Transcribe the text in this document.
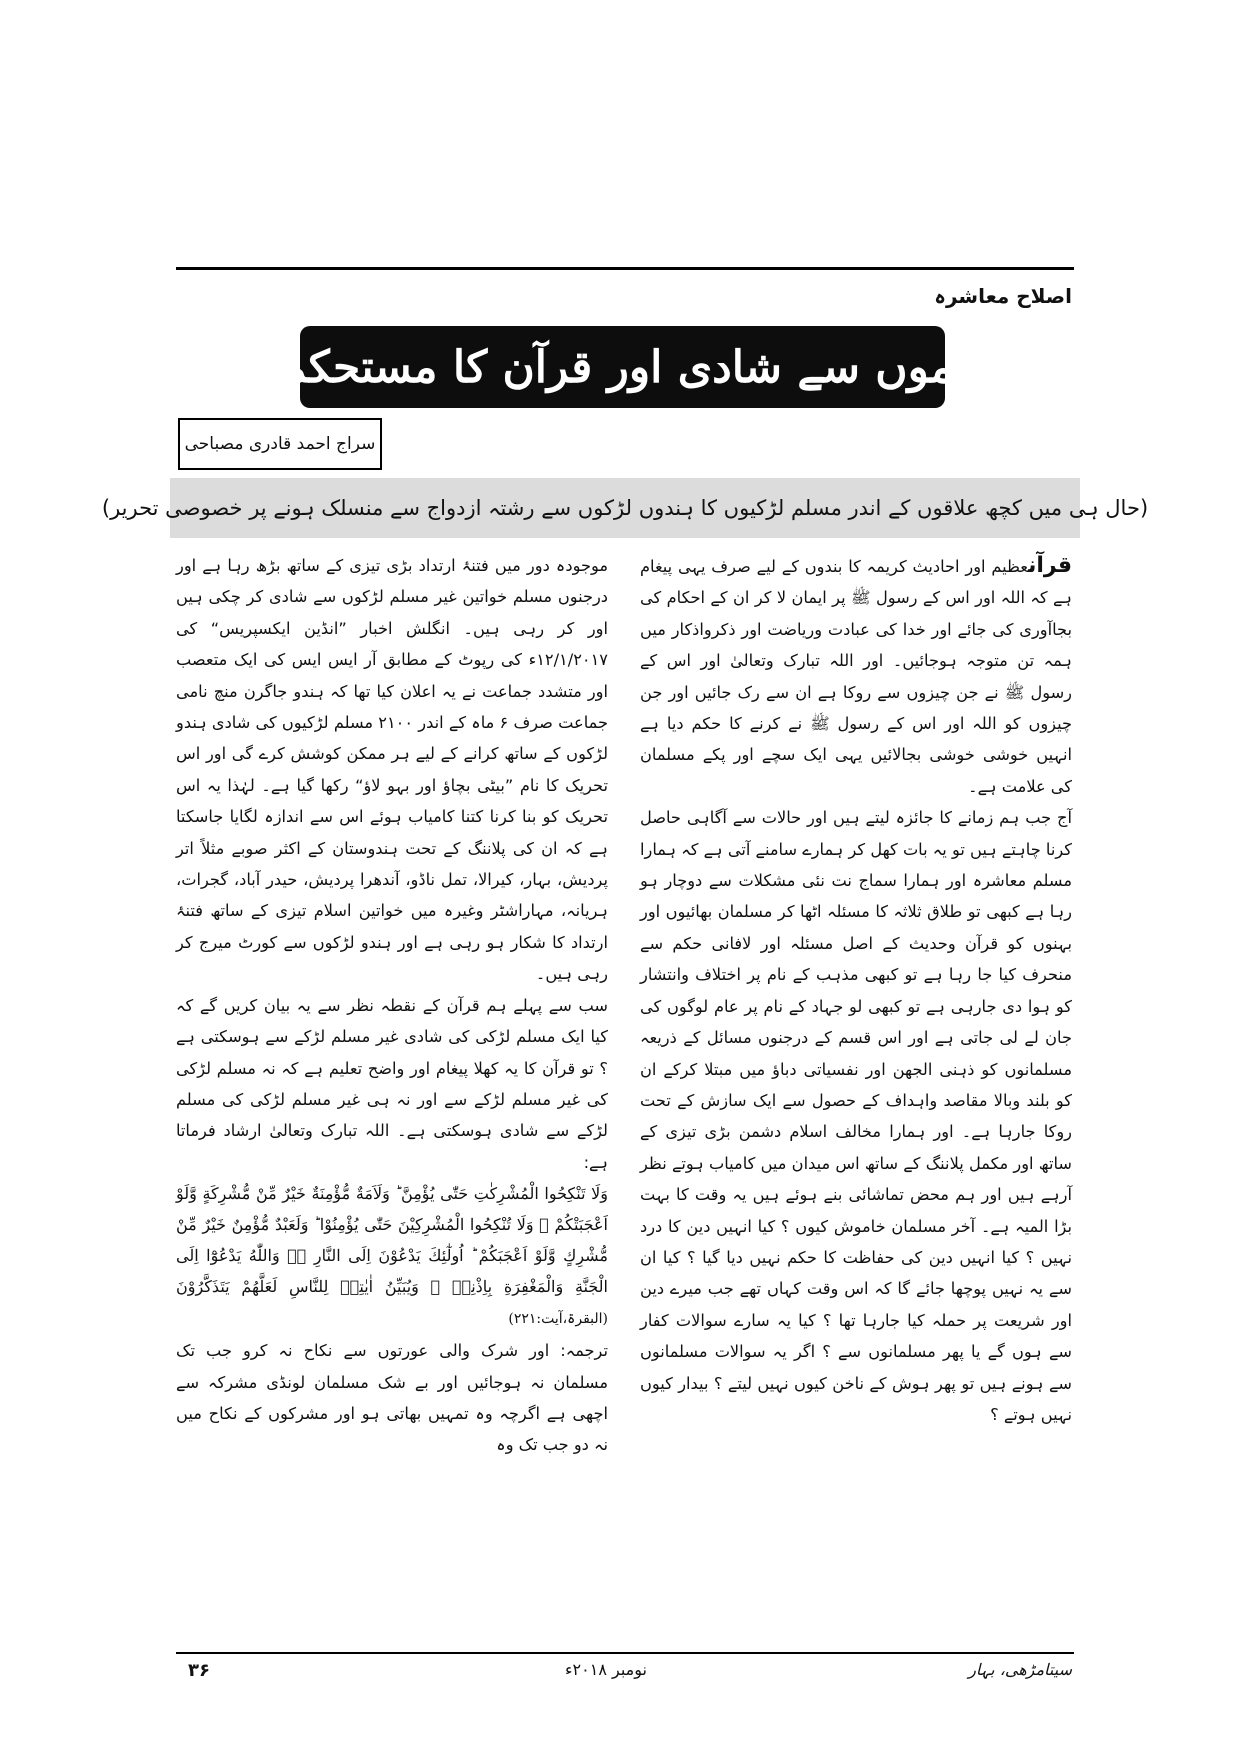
اصلاح معاشرہ
غیرمسلموں سے شادی اور قرآن کا مستحکم فیصلہ
سراج احمد قادری مصباحی
(حال ہی میں کچھ علاقوں کے اندر مسلم لڑکیوں کا ہندوں لڑکوں سے رشتہ ازدواج سے منسلک ہونے پر خصوصی تحریر)

قرآنعظیم اور احادیث کریمہ کا بندوں کے لیے صرف یہی پیغام ہے کہ اللہ اور اس کے رسول ﷺ پر ایمان لا کر ان کے احکام کی بجاآوری کی جائے اور خدا کی عبادت وریاضت اور ذکرواذکار میں ہمہ تن متوجہ ہوجائیں۔ اور اللہ تبارک وتعالیٰ اور اس کے رسول ﷺ نے جن چیزوں سے روکا ہے ان سے رک جائیں اور جن چیزوں کو اللہ اور اس کے رسول ﷺ نے کرنے کا حکم دیا ہے انہیں خوشی خوشی بجالائیں یہی ایک سچے اور پکے مسلمان کی علامت ہے۔

آج جب ہم زمانے کا جائزہ لیتے ہیں اور حالات سے آگاہی حاصل کرنا چاہتے ہیں تو یہ بات کھل کر ہمارے سامنے آتی ہے کہ ہمارا مسلم معاشرہ اور ہمارا سماج نت نئی مشکلات سے دوچار ہو رہا ہے کبھی تو طلاق ثلاثہ کا مسئلہ اٹھا کر مسلمان بھائیوں اور بہنوں کو قرآن وحدیث کے اصل مسئلہ اور لافانی حکم سے منحرف کیا جا رہا ہے تو کبھی مذہب کے نام پر اختلاف وانتشار کو ہوا دی جارہی ہے تو کبھی لو جہاد کے نام پر عام لوگوں کی جان لے لی جاتی ہے اور اس قسم کے درجنوں مسائل کے ذریعہ مسلمانوں کو ذہنی الجھن اور نفسیاتی دباؤ میں مبتلا کرکے ان کو بلند وبالا مقاصد واہداف کے حصول سے ایک سازش کے تحت روکا جارہا ہے۔ اور ہمارا مخالف اسلام دشمن بڑی تیزی کے ساتھ اور مکمل پلاننگ کے ساتھ اس میدان میں کامیاب ہوتے نظر آرہے ہیں اور ہم محض تماشائی بنے ہوئے ہیں یہ وقت کا بہت بڑا المیہ ہے۔ آخر مسلمان خاموش کیوں ؟ کیا انہیں دین کا درد نہیں ؟ کیا انہیں دین کی حفاظت کا حکم نہیں دیا گیا ؟ کیا ان سے یہ نہیں پوچھا جائے گا کہ اس وقت کہاں تھے جب میرے دین اور شریعت پر حملہ کیا جارہا تھا ؟ کیا یہ سارے سوالات کفار سے ہوں گے یا پھر مسلمانوں سے ؟ اگر یہ سوالات مسلمانوں سے ہونے ہیں تو پھر ہوش کے ناخن کیوں نہیں لیتے ؟ بیدار کیوں نہیں ہوتے ؟

موجودہ دور میں فتنۂ ارتداد بڑی تیزی کے ساتھ بڑھ رہا ہے اور درجنوں مسلم خواتین غیر مسلم لڑکوں سے شادی کر چکی ہیں اور کر رہی ہیں۔ انگلش اخبار ”انڈین ایکسپریس“ کی ۱۲/۱/۲۰۱۷ء کی رپوٹ کے مطابق آر ایس ایس کی ایک متعصب اور متشدد جماعت نے یہ اعلان کیا تھا کہ ہندو جاگرن منچ نامی جماعت صرف ۶ ماہ کے اندر ۲۱۰۰ مسلم لڑکیوں کی شادی ہندو لڑکوں کے ساتھ کرانے کے لیے ہر ممکن کوشش کرے گی اور اس تحریک کا نام ”بیٹی بچاؤ اور بہو لاؤ“ رکھا گیا ہے۔ لہٰذا یہ اس تحریک کو بنا کرنا کتنا کامیاب ہوئے اس سے اندازہ لگایا جاسکتا ہے کہ ان کی پلاننگ کے تحت ہندوستان کے اکثر صوبے مثلاً اتر پردیش، بہار، کیرالا، تمل ناڈو، آندھرا پردیش، حیدر آباد، گجرات، ہریانہ، مہاراشٹر وغیرہ میں خواتین اسلام تیزی کے ساتھ فتنۂ ارتداد کا شکار ہو رہی ہے اور ہندو لڑکوں سے کورٹ میرج کر رہی ہیں۔

سب سے پہلے ہم قرآن کے نقطہ نظر سے یہ بیان کریں گے کہ کیا ایک مسلم لڑکی کی شادی غیر مسلم لڑکے سے ہوسکتی ہے ؟ تو قرآن کا یہ کھلا پیغام اور واضح تعلیم ہے کہ نہ مسلم لڑکی کی غیر مسلم لڑکے سے اور نہ ہی غیر مسلم لڑکی کی مسلم لڑکے سے شادی ہوسکتی ہے۔ اللہ تبارک وتعالیٰ ارشاد فرماتا ہے:

وَلَا تَنْكِحُوا الْمُشْرِكٰتِ حَتّٰى يُؤْمِنَّ ؕ وَلَاَمَةٌ مُّؤْمِنَةٌ خَيْرٌ مِّنْ مُّشْرِكَةٍ وَّلَوْ اَعْجَبَتْكُمْ ۚ وَلَا تُنْكِحُوا الْمُشْرِكِيْنَ حَتّٰى يُؤْمِنُوْا ؕ وَلَعَبْدٌ مُّؤْمِنٌ خَيْرٌ مِّنْ مُّشْرِكٍ وَّلَوْ اَعْجَبَكُمْ ؕ اُولٰٓئِكَ يَدْعُوْنَ اِلَى النَّارِ ۖۚ وَاللّٰهُ يَدْعُوْٓا اِلَى الْجَنَّةِ وَالْمَغْفِرَةِ بِاِذْنِهٖ ۚ وَيُبَيِّنُ اٰيٰتِهٖ لِلنَّاسِ لَعَلَّهُمْ يَتَذَكَّرُوْنَ (البقرۃ،آیت:۲۲۱)

ترجمہ: اور شرک والی عورتوں سے نکاح نہ کرو جب تک مسلمان نہ ہوجائیں اور بے شک مسلمان لونڈی مشرکہ سے اچھی ہے اگرچہ وہ تمہیں بھاتی ہو اور مشرکوں کے نکاح میں نہ دو جب تک وہ

۳۶	نومبر ۲۰۱۸ء	سیتامڑھی، بہار
